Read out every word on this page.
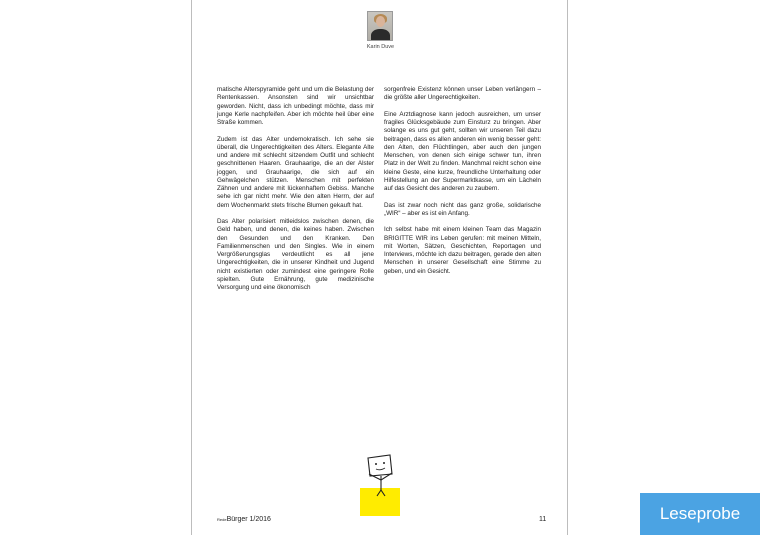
Karin Duve

matische Alterspyramide geht und um die Belastung der Rentenkassen. Ansonsten sind wir unsichtbar geworden. Nicht, dass ich unbedingt möchte, dass mir junge Kerle nachpfeifen. Aber ich möchte heil über eine Straße kommen.

Zudem ist das Alter undemokratisch. Ich sehe sie überall, die Ungerechtigkeiten des Alters. Elegante Alte und andere mit schlecht sitzendem Outfit und schlecht geschnittenen Haaren. Grauhaarige, die an der Alster joggen, und Grauhaarige, die sich auf ein Gehwägelchen stützen. Menschen mit perfekten Zähnen und andere mit lückenhaftem Gebiss. Manche sehe ich gar nicht mehr. Wie den alten Herrn, der auf dem Wochenmarkt stets frische Blumen gekauft hat.

Das Alter polarisiert mitleidslos zwischen denen, die Geld haben, und denen, die keines haben. Zwischen den Gesunden und den Kranken. Den Familienmenschen und den Singles. Wie in einem Vergrößerungsglas verdeutlicht es all jene Ungerechtigkeiten, die in unserer Kindheit und Jugend nicht existierten oder zumindest eine geringere Rolle spielten. Gute Ernährung, gute medizinische Versorgung und eine ökonomisch

sorgenfreie Existenz können unser Leben verlängern – die größte aller Ungerechtigkeiten.

Eine Arztdiagnose kann jedoch ausreichen, um unser fragiles Glücksgebäude zum Einsturz zu bringen. Aber solange es uns gut geht, sollten wir unseren Teil dazu beitragen, dass es allen anderen ein wenig besser geht: den Alten, den Flüchtlingen, aber auch den jungen Menschen, von denen sich einige schwer tun, ihren Platz in der Welt zu finden. Manchmal reicht schon eine kleine Geste, eine kurze, freundliche Unterhaltung oder Hilfestellung an der Supermarktkasse, um ein Lächeln auf das Gesicht des anderen zu zaubern.

Das ist zwar noch nicht das ganz große, solidarische „WIR“ – aber es ist ein Anfang.

Ich selbst habe mit einem kleinen Team das Magazin BRIGITTE WIR ins Leben gerufen: mit meinen Mitteln, mit Worten, Sätzen, Geschichten, Reportagen und Interviews, möchte ich dazu beitragen, gerade den alten Menschen in unserer Gesellschaft eine Stimme zu geben, und ein Gesicht.

RedeBürger 1/2016	11	Leseprobe
